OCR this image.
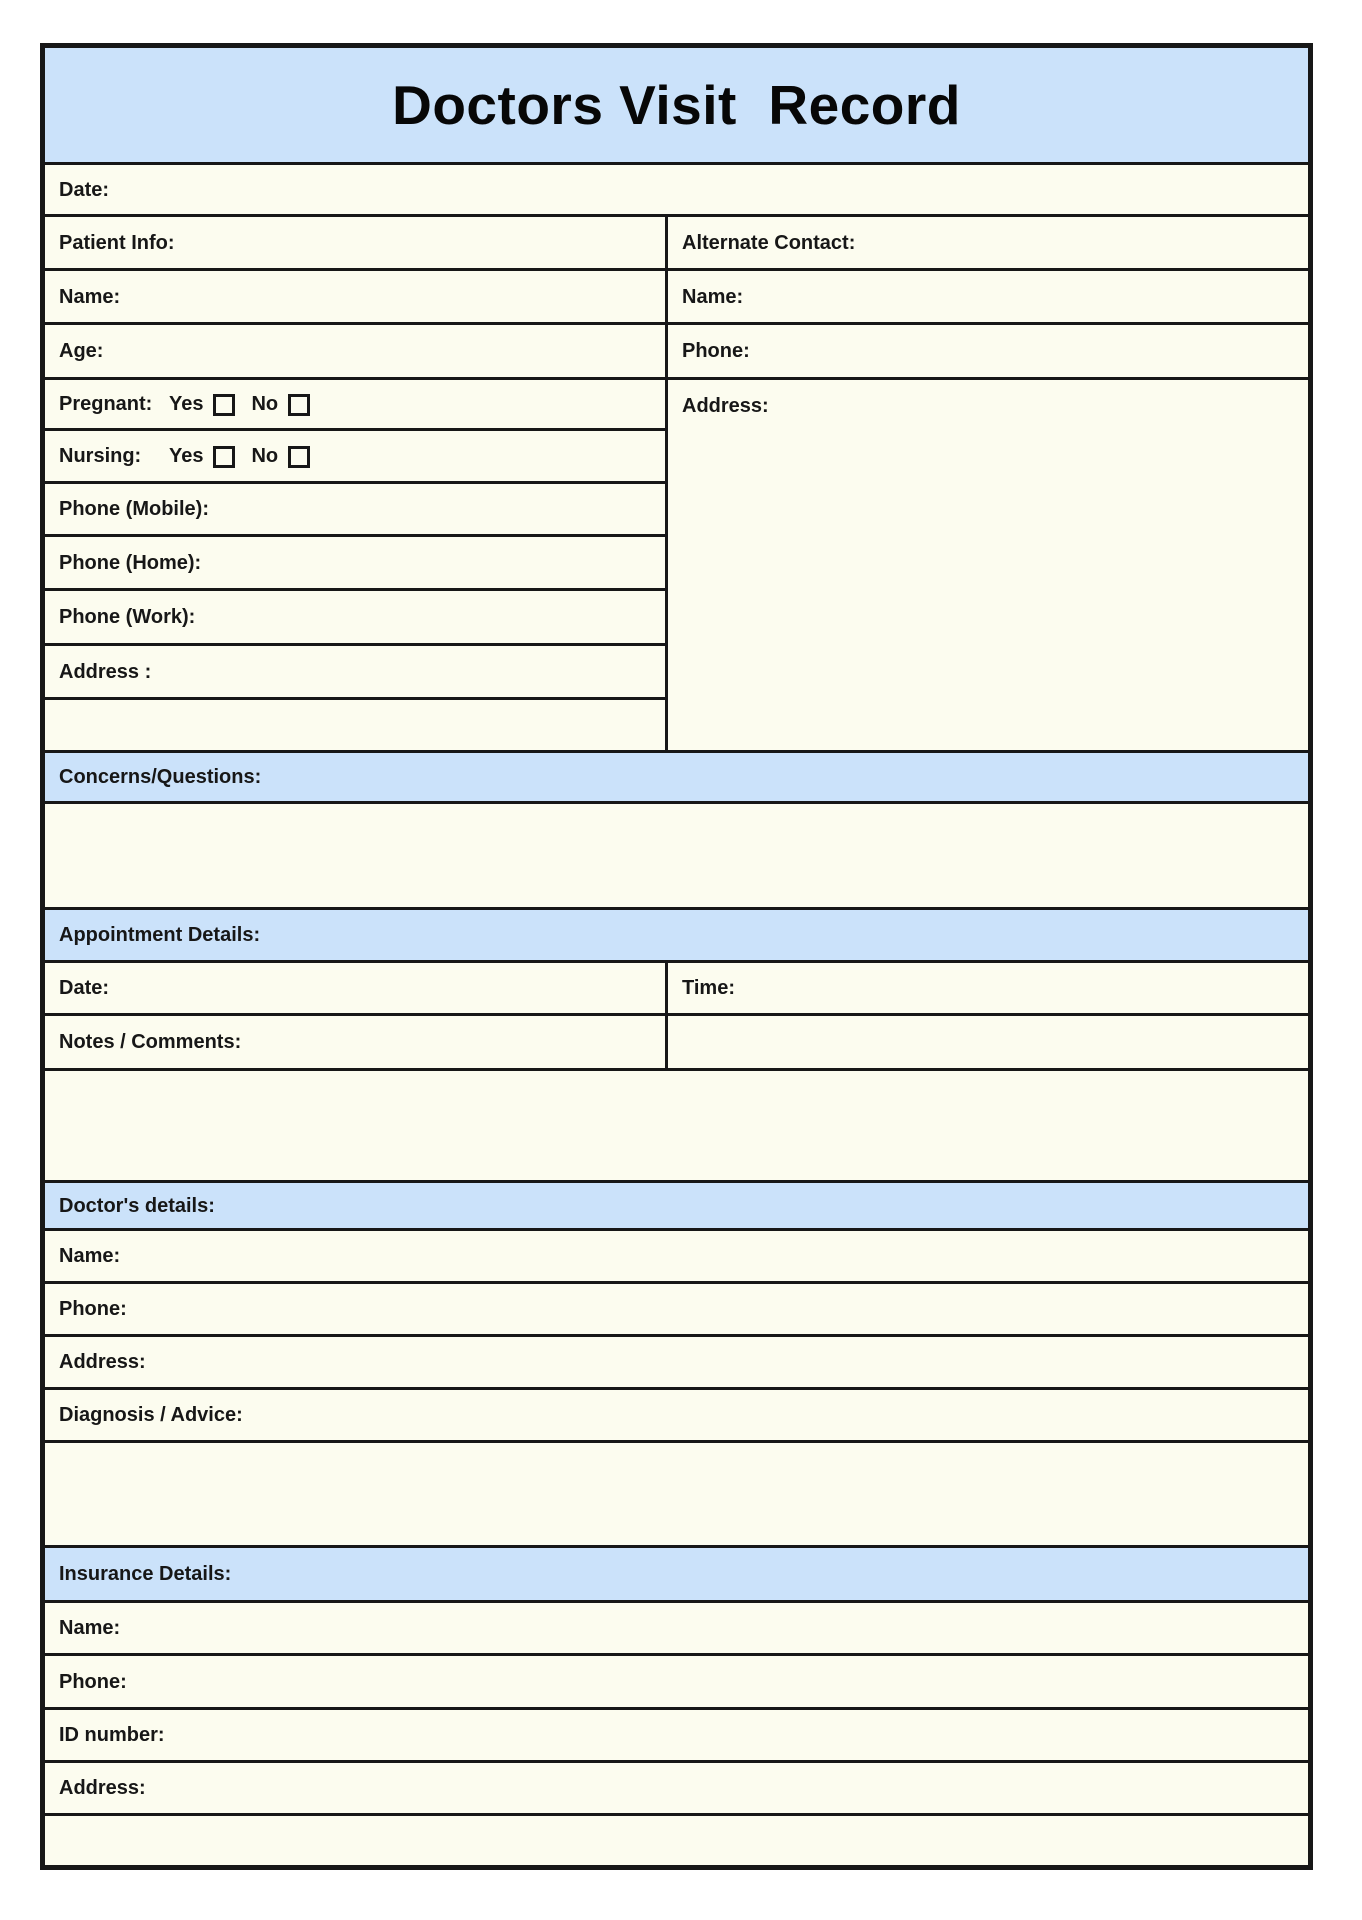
Doctors Visit  Record
Date:
Patient Info:
Name:
Age:
Pregnant: Yes No
Nursing:	Yes No
Phone (Mobile):
Phone (Home):
Phone (Work):
Address :
Alternate Contact:
Name:
Phone:
Address:
Concerns/Questions:
Appointment Details:
Date:	Time:
Notes / Comments:
Doctor's details:
Name:
Phone:
Address:
Diagnosis / Advice:
Insurance Details:
Name:
Phone:
ID number:
Address:
